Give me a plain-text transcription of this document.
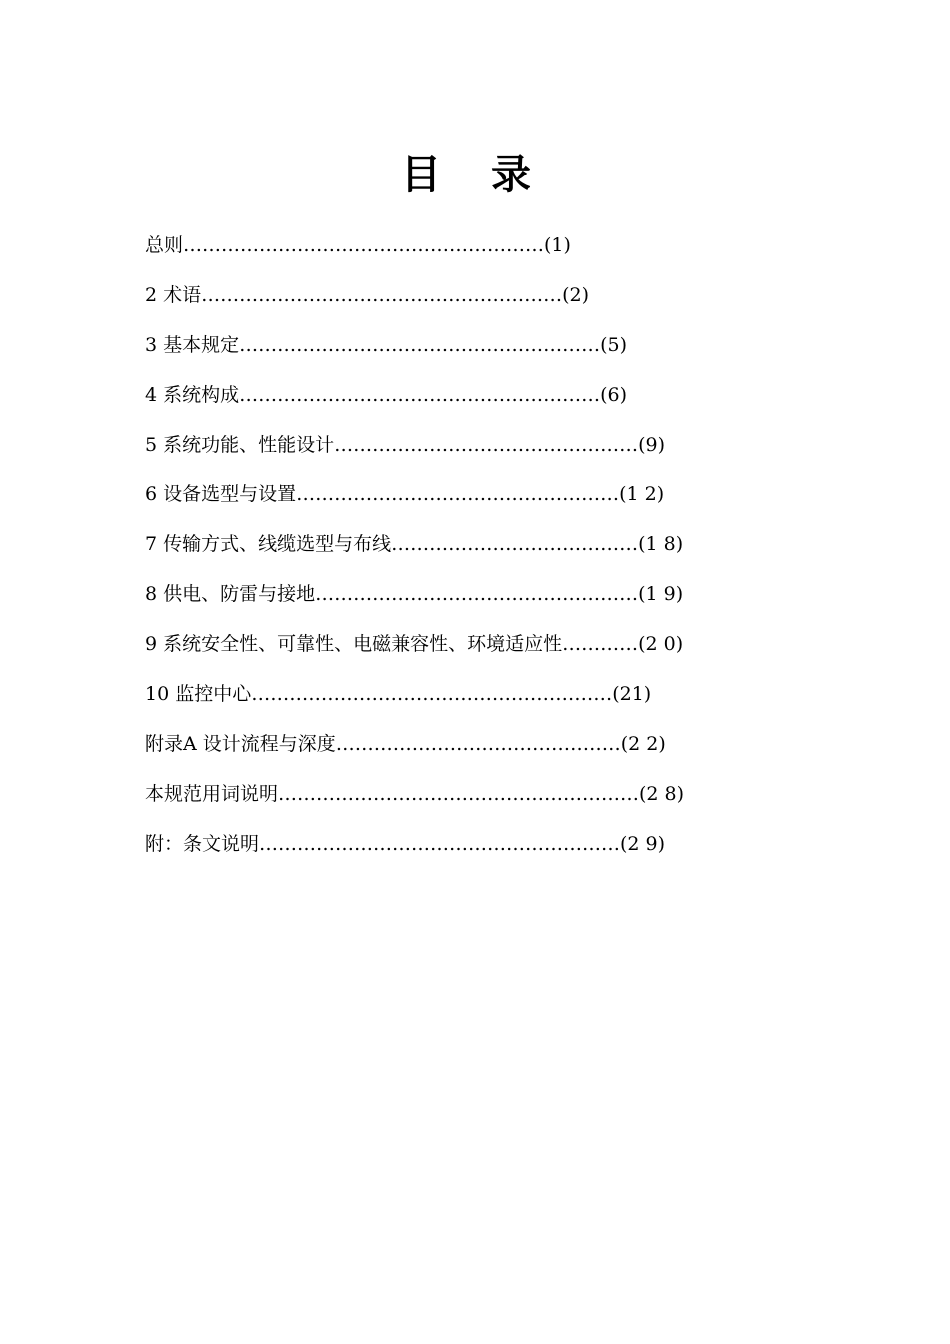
目 录
总则…………………………………………………(1)
2 术语…………………………………………………(2)
3 基本规定…………………………………………………(5)
4 系统构成…………………………………………………(6)
5 系统功能、性能设计…………………………………………(9)
6 设备选型与设置……………………………………………(1 2)
7 传输方式、线缆选型与布线…………………………………(1 8)
8 供电、防雷与接地……………………………………………(1 9)
9 系统安全性、可靠性、电磁兼容性、环境适应性…………(2 0)
10 监控中心…………………………………………………(21)
附录A 设计流程与深度………………………………………(2 2)
本规范用词说明…………………………………………………(2 8)
附：条文说明…………………………………………………(2 9)
